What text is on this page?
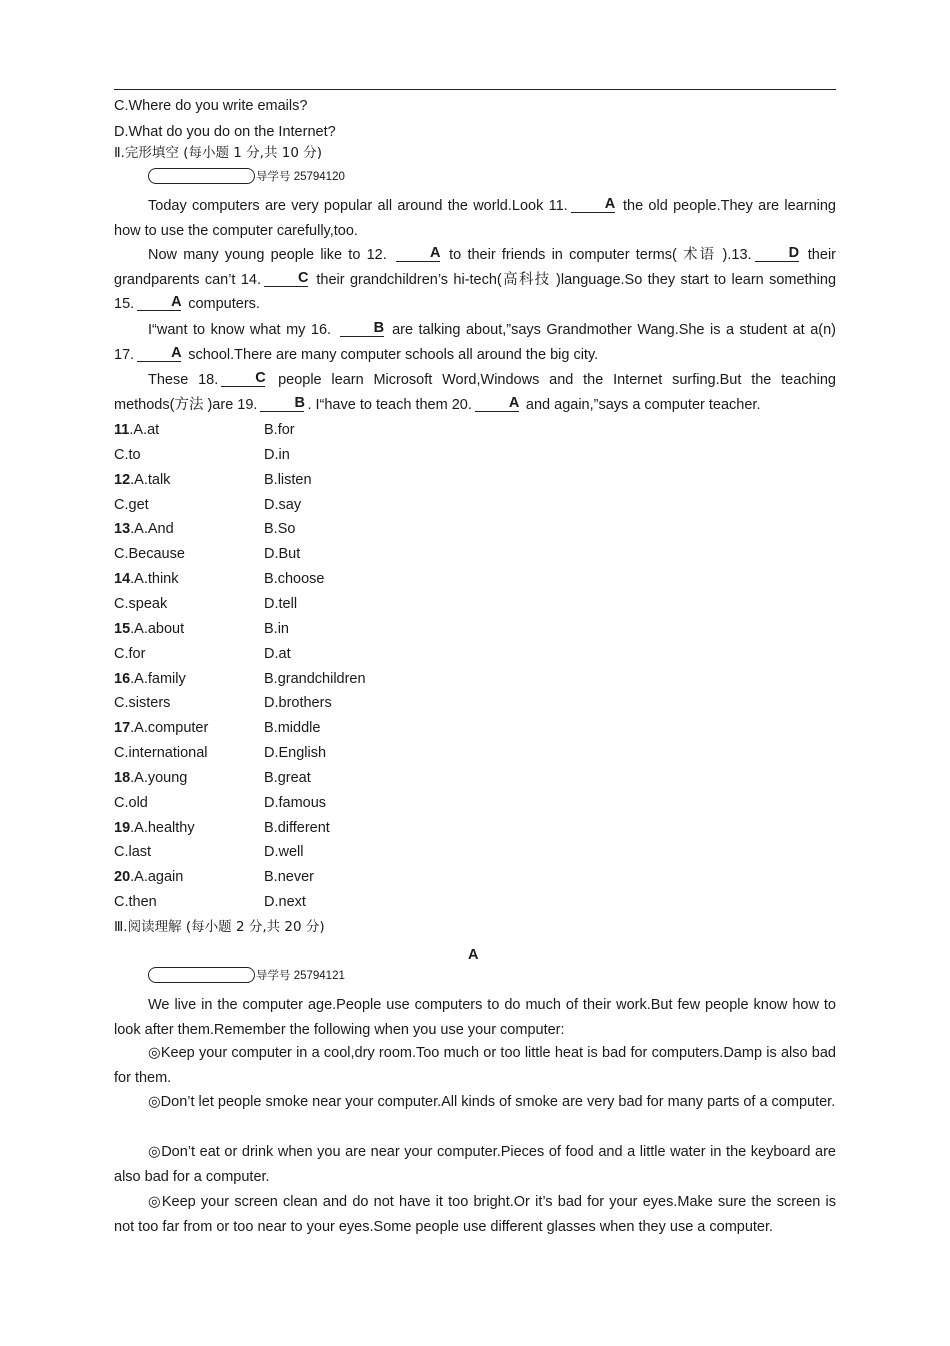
C.Where do you write emails?
D.What do you do on the Internet?
Ⅱ.完形填空 (每小题 1 分,共 10 分)
导学号 25794120
Today computers are very popular all around the world.Look 11.	A the old people.They are learning how to use the computer carefully,too.
Now many young people like to 12.	A to their friends in computer terms( 术语 ).13.	D their grandparents can’t 14.	C their grandchildren’s hi-tech(高科技 )language.So they start to learn something 15.	A computers.
I“want to know what my 16.	B are talking about,”says Grandmother Wang.She is a student at a(n) 17.	A school.There are many computer schools all around the big city.
These 18.	C people learn Microsoft Word,Windows and the Internet surfing.But the teaching methods(方法 )are 19.	B . I“have to teach them 20.	A and again,”says a computer teacher.
11.A.at	B.for
C.to	D.in
12.A.talk	B.listen
C.get	D.say
13.A.And	B.So
C.Because	D.But
14.A.think	B.choose
C.speak	D.tell
15.A.about	B.in
C.for	D.at
16.A.family	B.grandchildren
C.sisters	D.brothers
17.A.computer	B.middle
C.international	D.English
18.A.young	B.great
C.old	D.famous
19.A.healthy	B.different
C.last	D.well
20.A.again	B.never
C.then	D.next
Ⅲ.阅读理解 (每小题 2 分,共 20 分)
A
导学号 25794121
We live in the computer age.People use computers to do much of their work.But few people know how to look after them.Remember the following when you use your computer:
◎Keep your computer in a cool,dry room.Too much or too little heat is bad for computers.Damp is also bad for them.
◎Don’t let people smoke near your computer.All kinds of smoke are very bad for many parts of a computer.
◎Don’t eat or drink when you are near your computer.Pieces of food and a little water in the keyboard are also bad for a computer.
◎Keep your screen clean and do not have it too bright.Or it’s bad for your eyes.Make sure the screen is not too far from or too near to your eyes.Some people use different glasses when they use a computer.
